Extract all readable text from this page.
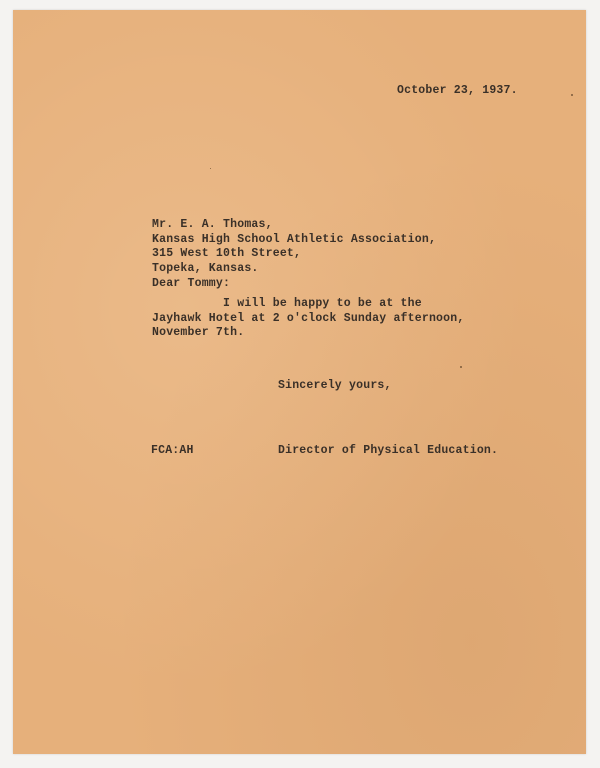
October 23, 1937.
Mr. E. A. Thomas,
Kansas High School Athletic Association,
315 West 10th Street,
Topeka, Kansas.
Dear Tommy:
I will be happy to be at the
Jayhawk Hotel at 2 o'clock Sunday afternoon,
November 7th.
Sincerely yours,
FCA:AH	Director of Physical Education.
